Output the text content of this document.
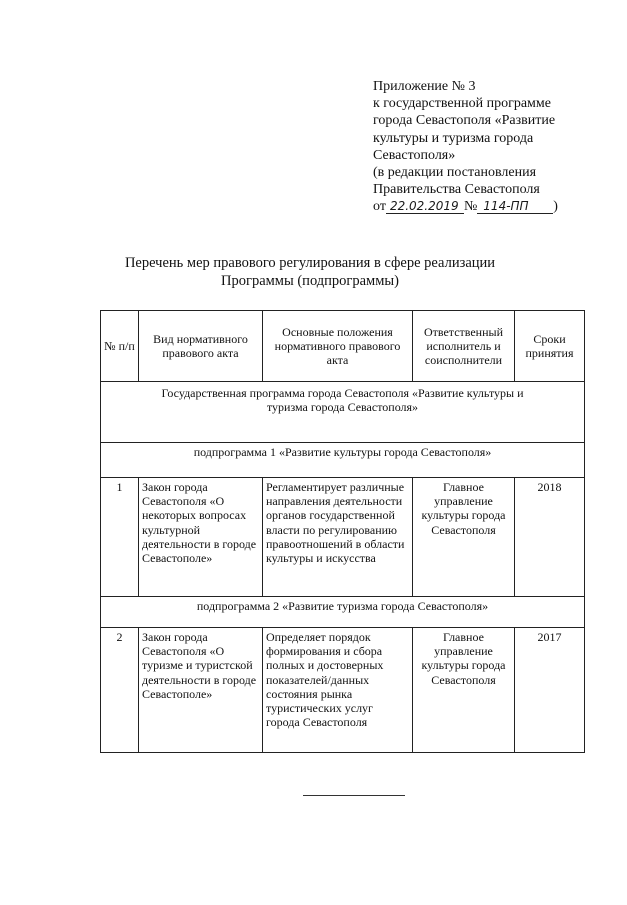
Приложение № 3
к государственной программе
города Севастополя «Развитие
культуры и туризма города
Севастополя»
(в редакции постановления
Правительства Севастополя
от 22.02.2019 № 114-ПП )
Перечень мер правового регулирования в сфере реализации
Программы (подпрограммы)
№ п/п	Вид нормативного правового акта	Основные положения нормативного правового акта	Ответственный исполнитель и соисполнители	Сроки принятия
Государственная программа города Севастополя «Развитие культуры и туризма города Севастополя»				
подпрограмма 1 «Развитие культуры города Севастополя»				
1	Закон города Севастополя «О некоторых вопросах культурной деятельности в городе Севастополе»	Регламентирует различные направления деятельности органов государственной власти по регулированию правоотношений в области культуры и искусства	Главное управление культуры города Севастополя	2018
подпрограмма 2 «Развитие туризма города Севастополя»				
2	Закон города Севастополя «О туризме и туристской деятельности в городе Севастополе»	Определяет порядок формирования и сбора полных и достоверных показателей/данных состояния рынка туристических услуг города Севастополя	Главное управление культуры города Севастополя	2017
